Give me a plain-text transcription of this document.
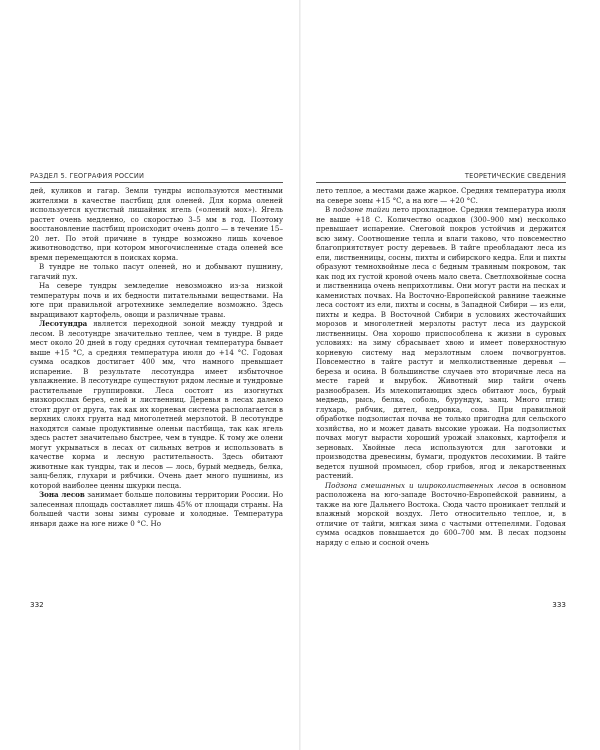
РАЗДЕЛ 5. ГЕОГРАФИЯ РОССИИ

дей, куликов и гагар. Земли тундры используются местными жителями в качестве пастбищ для оленей. Для корма оленей используется кустистый лишайник ягель («олений мох»). Ягель растет очень медленно, со скоростью 3–5 мм в год. Поэтому восстановление пастбищ происходит очень долго — в течение 15–20 лет. По этой причине в тундре возможно лишь кочевое животноводство, при котором многочисленные стада оленей все время перемещаются в поисках корма.

В тундре не только пасут оленей, но и добывают пушнину, гагачий пух.

На севере тундры земледелие невозможно из-за низкой температуры почв и их бедности питательными веществами. На юге при правильной агротехнике земледелие возможно. Здесь выращивают картофель, овощи и различные травы.

Лесотундра является переходной зоной между тундрой и лесом. В лесотундре значительно теплее, чем в тундре. В ряде мест около 20 дней в году средняя суточная температура бывает выше +15 °С, а средняя температура июля до +14 °С. Годовая сумма осадков достигает 400 мм, что намного превышает испарение. В результате лесотундра имеет избыточное увлажнение. В лесотундре существуют рядом лесные и тундровые растительные группировки. Леса состоят из изогнутых низкорослых берез, елей и лиственниц. Деревья в лесах далеко стоят друг от друга, так как их корневая система располагается в верхних слоях грунта над многолетней мерзлотой. В лесотундре находятся самые продуктивные оленьи пастбища, так как ягель здесь растет значительно быстрее, чем в тундре. К тому же олени могут укрываться в лесах от сильных ветров и использовать в качестве корма и лесную растительность. Здесь обитают животные как тундры, так и лесов — лось, бурый медведь, белка, заяц-беляк, глухари и рябчики. Очень дает много пушнины, из которой наиболее ценны шкурки песца.

Зона лесов занимает больше половины территории России. Но залесенная площадь составляет лишь 45% от площади страны. На большей части зоны зимы суровые и холодные. Температура января даже на юге ниже 0 °С. Но

332
ТЕОРЕТИЧЕСКИЕ СВЕДЕНИЯ

лето теплое, а местами даже жаркое. Средняя температура июля на севере зоны +15 °С, а на юге — +20 °С.

В подзоне тайги лето прохладное. Средняя температура июля не выше +18 С. Количество осадков (300–900 мм) несколько превышает испарение. Снеговой покров устойчив и держится всю зиму. Соотношение тепла и влаги таково, что повсеместно благоприятствует росту деревьев. В тайге преобладают леса из ели, лиственницы, сосны, пихты и сибирского кедра. Ели и пихты образуют темнохвойные леса с бедным травяным покровом, так как под их густой кроной очень мало света. Светлохвойные сосна и лиственница очень неприхотливы. Они могут расти на песках и каменистых почвах. На Восточно-Европейской равнине таежные леса состоят из ели, пихты и сосны, в Западной Сибири — из ели, пихты и кедра. В Восточной Сибири в условиях жесточайших морозов и многолетней мерзлоты растут леса из даурской лиственницы. Она хорошо приспособлена к жизни в суровых условиях: на зиму сбрасывает хвою и имеет поверхностную корневую систему над мерзлотным слоем почвогрунтов. Повсеместно в тайге растут и мелколиственные деревья — береза и осина. В большинстве случаев это вторичные леса на месте гарей и вырубок. Животный мир тайги очень разнообразен. Из млекопитающих здесь обитают лось, бурый медведь, рысь, белка, соболь, бурундук, заяц. Много птиц: глухарь, рябчик, дятел, кедровка, сова. При правильной обработке подзолистая почва не только пригодна для сельского хозяйства, но и может давать высокие урожаи. На подзолистых почвах могут вырасти хороший урожай злаковых, картофеля и зерновых. Хвойные леса используются для заготовки и производства древесины, бумаги, продуктов лесохимии. В тайге ведется пушной промысел, сбор грибов, ягод и лекарственных растений.

Подзона смешанных и широколиственных лесов в основном расположена на юго-западе Восточно-Европейской равнины, а также на юге Дальнего Востока. Сюда часто проникает теплый и влажный морской воздух. Лето относительно теплое, и, в отличие от тайги, мягкая зима с частыми оттепелями. Годовая сумма осадков повышается до 600–700 мм. В лесах подзоны наряду с елью и сосной очень

333
